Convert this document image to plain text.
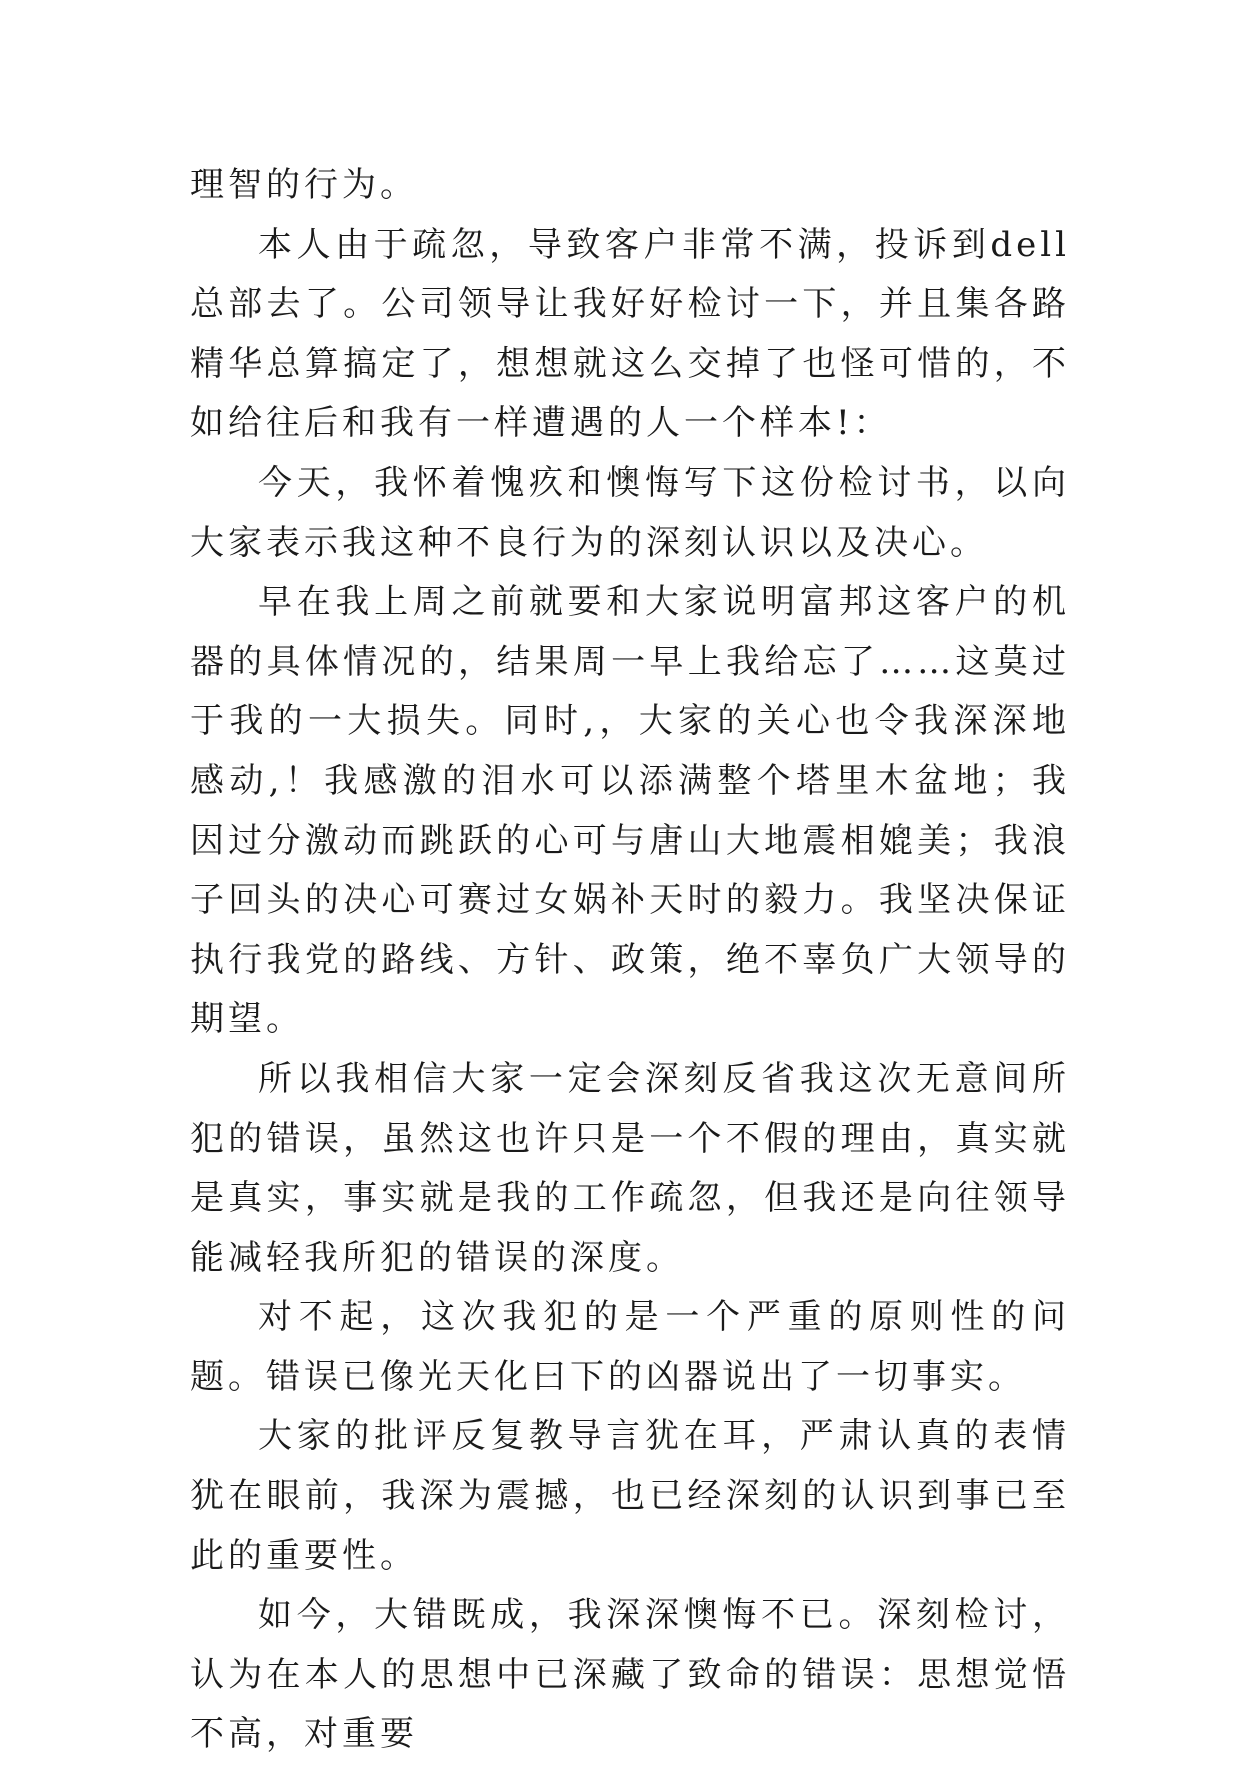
理智的行为。

本人由于疏忽，导致客户非常不满，投诉到dell总部去了。公司领导让我好好检讨一下，并且集各路精华总算搞定了，想想就这么交掉了也怪可惜的，不如给往后和我有一样遭遇的人一个样本!：

今天，我怀着愧疚和懊悔写下这份检讨书，以向大家表示我这种不良行为的深刻认识以及决心。

早在我上周之前就要和大家说明富邦这客户的机器的具体情况的，结果周一早上我给忘了……这莫过于我的一大损失。同时,，大家的关心也令我深深地感动,！我感激的泪水可以添满整个塔里木盆地；我因过分激动而跳跃的心可与唐山大地震相媲美；我浪子回头的决心可赛过女娲补天时的毅力。我坚决保证执行我党的路线、方针、政策，绝不辜负广大领导的期望。

所以我相信大家一定会深刻反省我这次无意间所犯的错误，虽然这也许只是一个不假的理由，真实就是真实，事实就是我的工作疏忽，但我还是向往领导能减轻我所犯的错误的深度。

对不起，这次我犯的是一个严重的原则性的问题。错误已像光天化曰下的凶器说出了一切事实。

大家的批评反复教导言犹在耳，严肃认真的表情犹在眼前，我深为震撼，也已经深刻的认识到事已至此的重要性。

如今，大错既成，我深深懊悔不已。深刻检讨，认为在本人的思想中已深藏了致命的错误：思想觉悟不高，对重要
